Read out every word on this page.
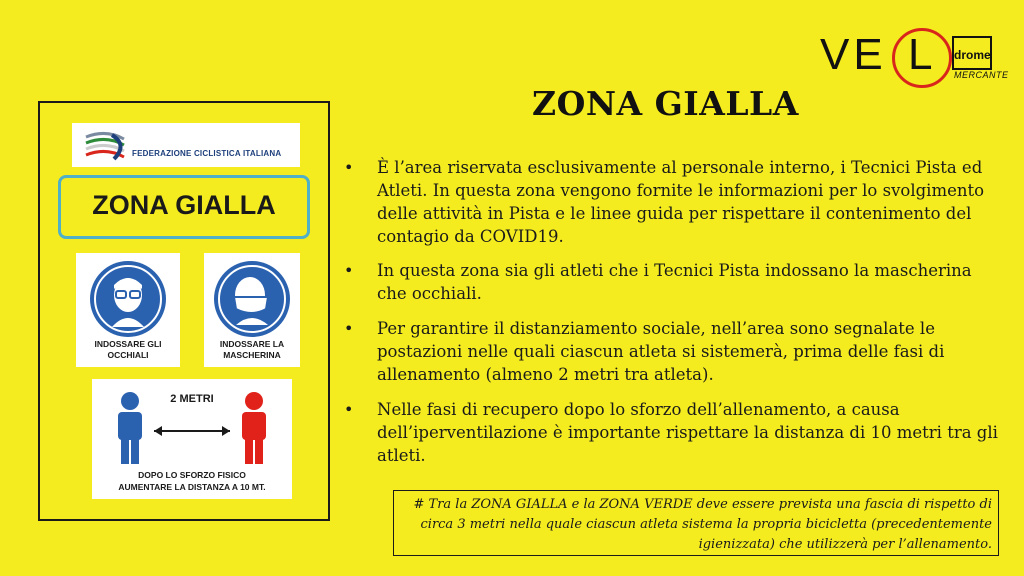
VE L drome
MERCANTE
ZONA GIALLA
FEDERAZIONE CICLISTICA ITALIANA
ZONA GIALLA
INDOSSARE GLI OCCHIALI
INDOSSARE LA MASCHERINA
2 METRI
DOPO LO SFORZO FISICO
AUMENTARE LA DISTANZA A 10 MT.
• È l’area riservata esclusivamente al personale interno, i Tecnici Pista ed Atleti. In questa zona vengono fornite le informazioni per lo svolgimento delle attività in Pista e le linee guida per rispettare il contenimento del contagio da COVID19.
• In questa zona sia gli atleti che i Tecnici Pista indossano la mascherina che occhiali.
• Per garantire il distanziamento sociale, nell’area sono segnalate le postazioni nelle quali ciascun atleta si sistemerà, prima delle fasi di allenamento (almeno 2 metri tra atleta).
• Nelle fasi di recupero dopo lo sforzo dell’allenamento, a causa dell’iperventilazione è importante rispettare la distanza di 10 metri tra gli atleti.
# Tra la ZONA GIALLA e la ZONA VERDE deve essere prevista una fascia di rispetto di circa 3 metri nella quale ciascun atleta sistema la propria bicicletta (precedentemente igienizzata) che utilizzerà per l’allenamento.
